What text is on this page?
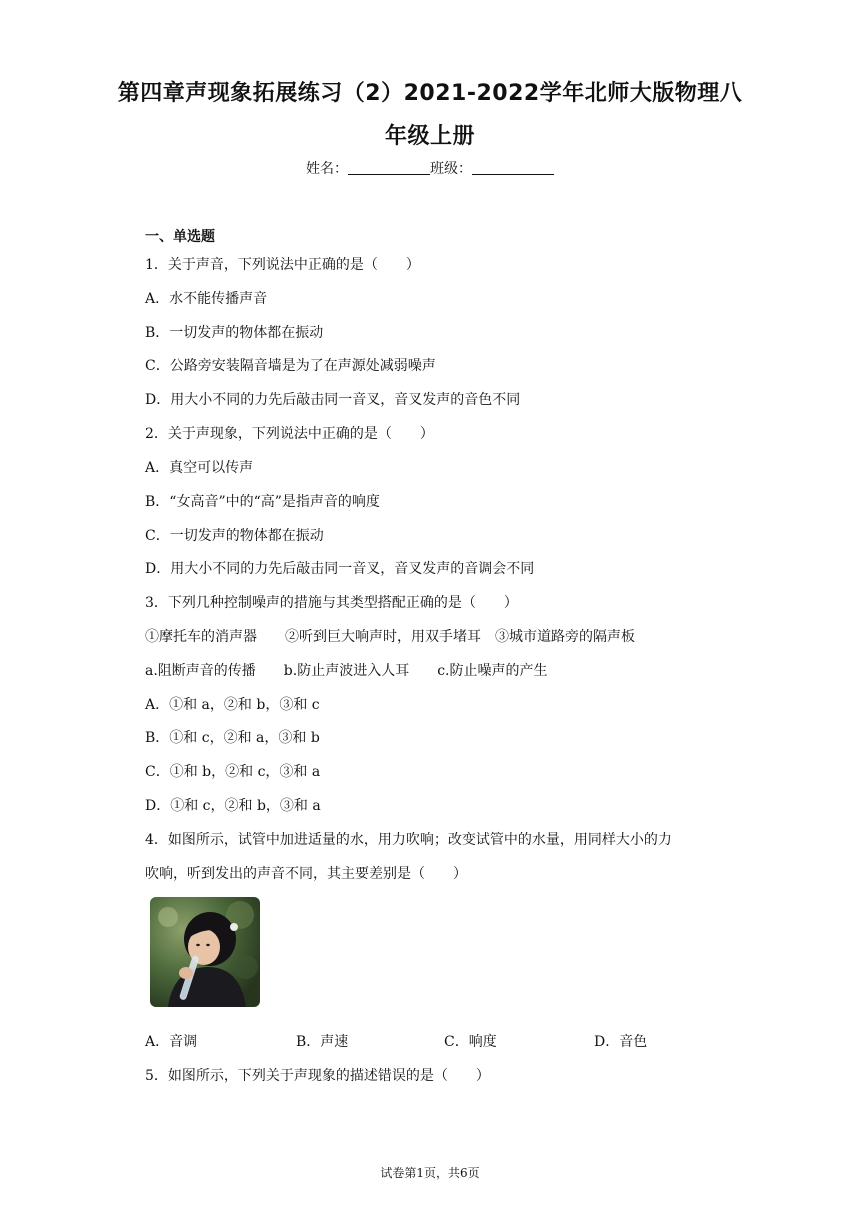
第四章声现象拓展练习（2）2021-2022学年北师大版物理八
年级上册
姓名：	班级：
一、单选题
1．关于声音，下列说法中正确的是（　　）
A．水不能传播声音
B．一切发声的物体都在振动
C．公路旁安装隔音墙是为了在声源处减弱噪声
D．用大小不同的力先后敲击同一音叉，音叉发声的音色不同
2．关于声现象，下列说法中正确的是（　　）
A．真空可以传声
B．“女高音”中的“高”是指声音的响度
C．一切发声的物体都在振动
D．用大小不同的力先后敲击同一音叉，音叉发声的音调会不同
3．下列几种控制噪声的措施与其类型搭配正确的是（　　）
①摩托车的消声器　　②听到巨大响声时，用双手堵耳　③城市道路旁的隔声板
a.阻断声音的传播　　b.防止声波进入人耳　　c.防止噪声的产生
A．①和 a，②和 b，③和 c
B．①和 c，②和 a，③和 b
C．①和 b，②和 c，③和 a
D．①和 c，②和 b，③和 a
4．如图所示，试管中加进适量的水，用力吹响；改变试管中的水量，用同样大小的力
吹响，听到发出的声音不同，其主要差别是（　　）
A．音调	B．声速	C．响度	D．音色
5．如图所示，下列关于声现象的描述错误的是（　　）
试卷第1页，共6页
